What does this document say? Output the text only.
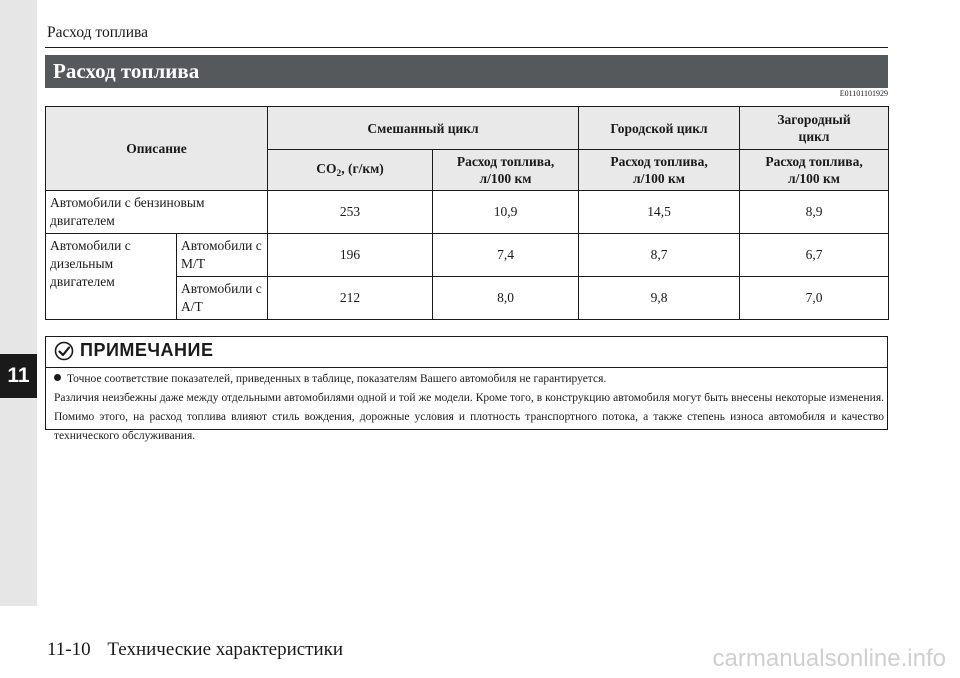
11
Расход топлива
Расход топлива
E01101101929
Описание		Смешанный цикл		Городской цикл	Загородный цикл
		$CO_2$, (г/км)	Расход топлива, л/100 км	Расход топлива, л/100 км	Расход топлива, л/100 км
Автомобили с бензиновым двигателем		253	10,9	14,5	8,9
Автомобили с дизельным двигателем	Автомобили с M/T	196	7,4	8,7	6,7
	Автомобили с A/T	212	8,0	9,8	7,0
ПРИМЕЧАНИЕ
Точное соответствие показателей, приведенных в таблице, показателям Вашего автомобиля не гарантируется.
Различия неизбежны даже между отдельными автомобилями одной и той же модели. Кроме того, в конструкцию автомобиля могут быть внесены некоторые изменения. Помимо этого, на расход топлива влияют стиль вождения, дорожные условия и плотность транспортного потока, а также степень износа автомобиля и качество технического обслуживания.
11-10 Технические характеристики	carmanualsonline.info
